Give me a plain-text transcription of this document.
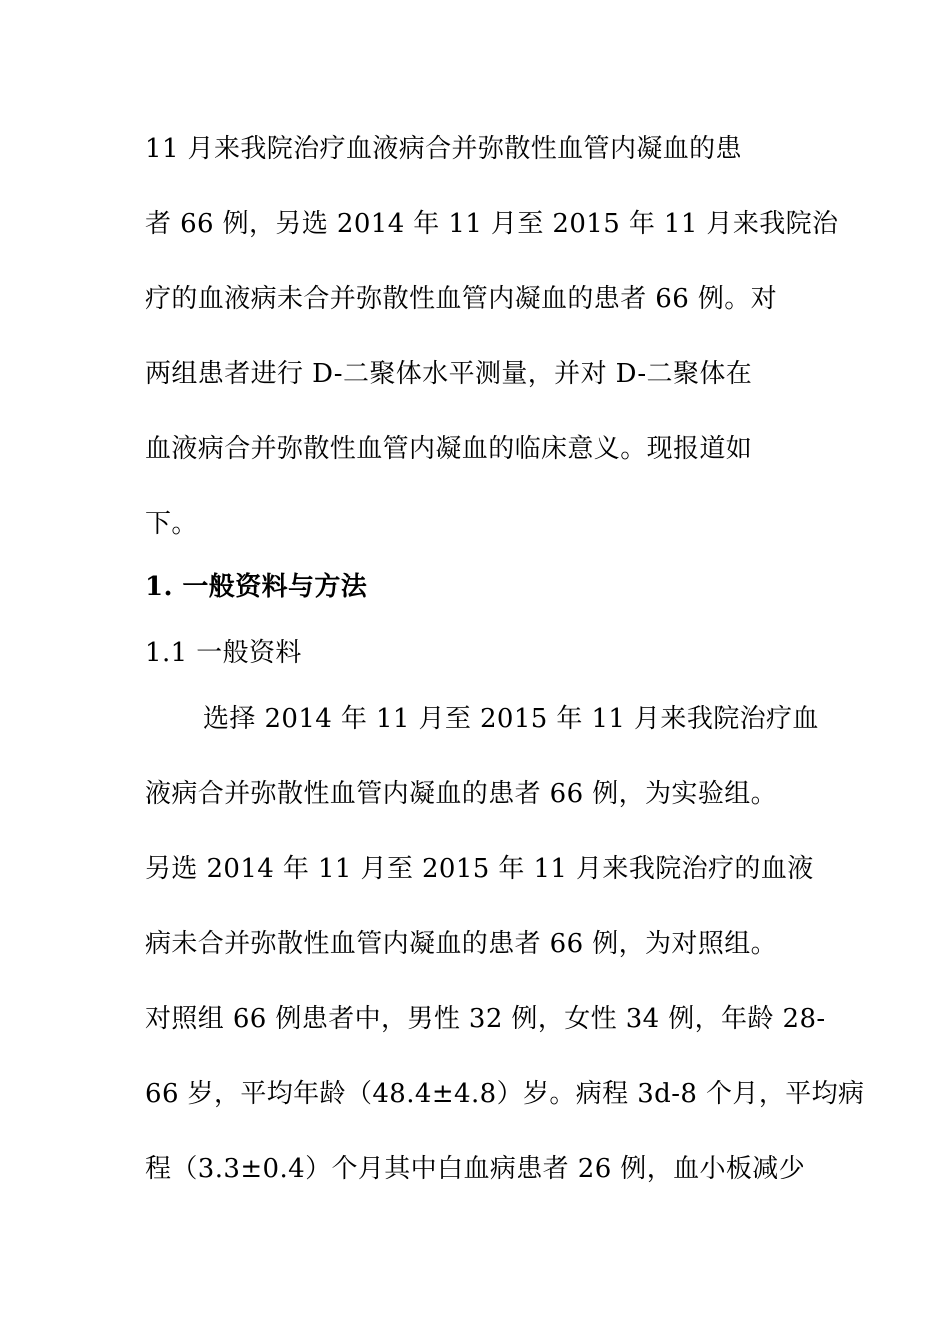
11 月来我院治疗血液病合并弥散性血管内凝血的患
者 66 例，另选 2014 年 11 月至 2015 年 11 月来我院治
疗的血液病未合并弥散性血管内凝血的患者 66 例。对
两组患者进行 D-二聚体水平测量，并对 D-二聚体在
血液病合并弥散性血管内凝血的临床意义。现报道如
下。
1. 一般资料与方法
1.1 一般资料
选择 2014 年 11 月至 2015 年 11 月来我院治疗血
液病合并弥散性血管内凝血的患者 66 例，为实验组。
另选 2014 年 11 月至 2015 年 11 月来我院治疗的血液
病未合并弥散性血管内凝血的患者 66 例，为对照组。
对照组 66 例患者中，男性 32 例，女性 34 例，年龄 28-
66 岁，平均年龄（48.4±4.8）岁。病程 3d-8 个月，平均病
程（3.3±0.4）个月其中白血病患者 26 例，血小板减少
